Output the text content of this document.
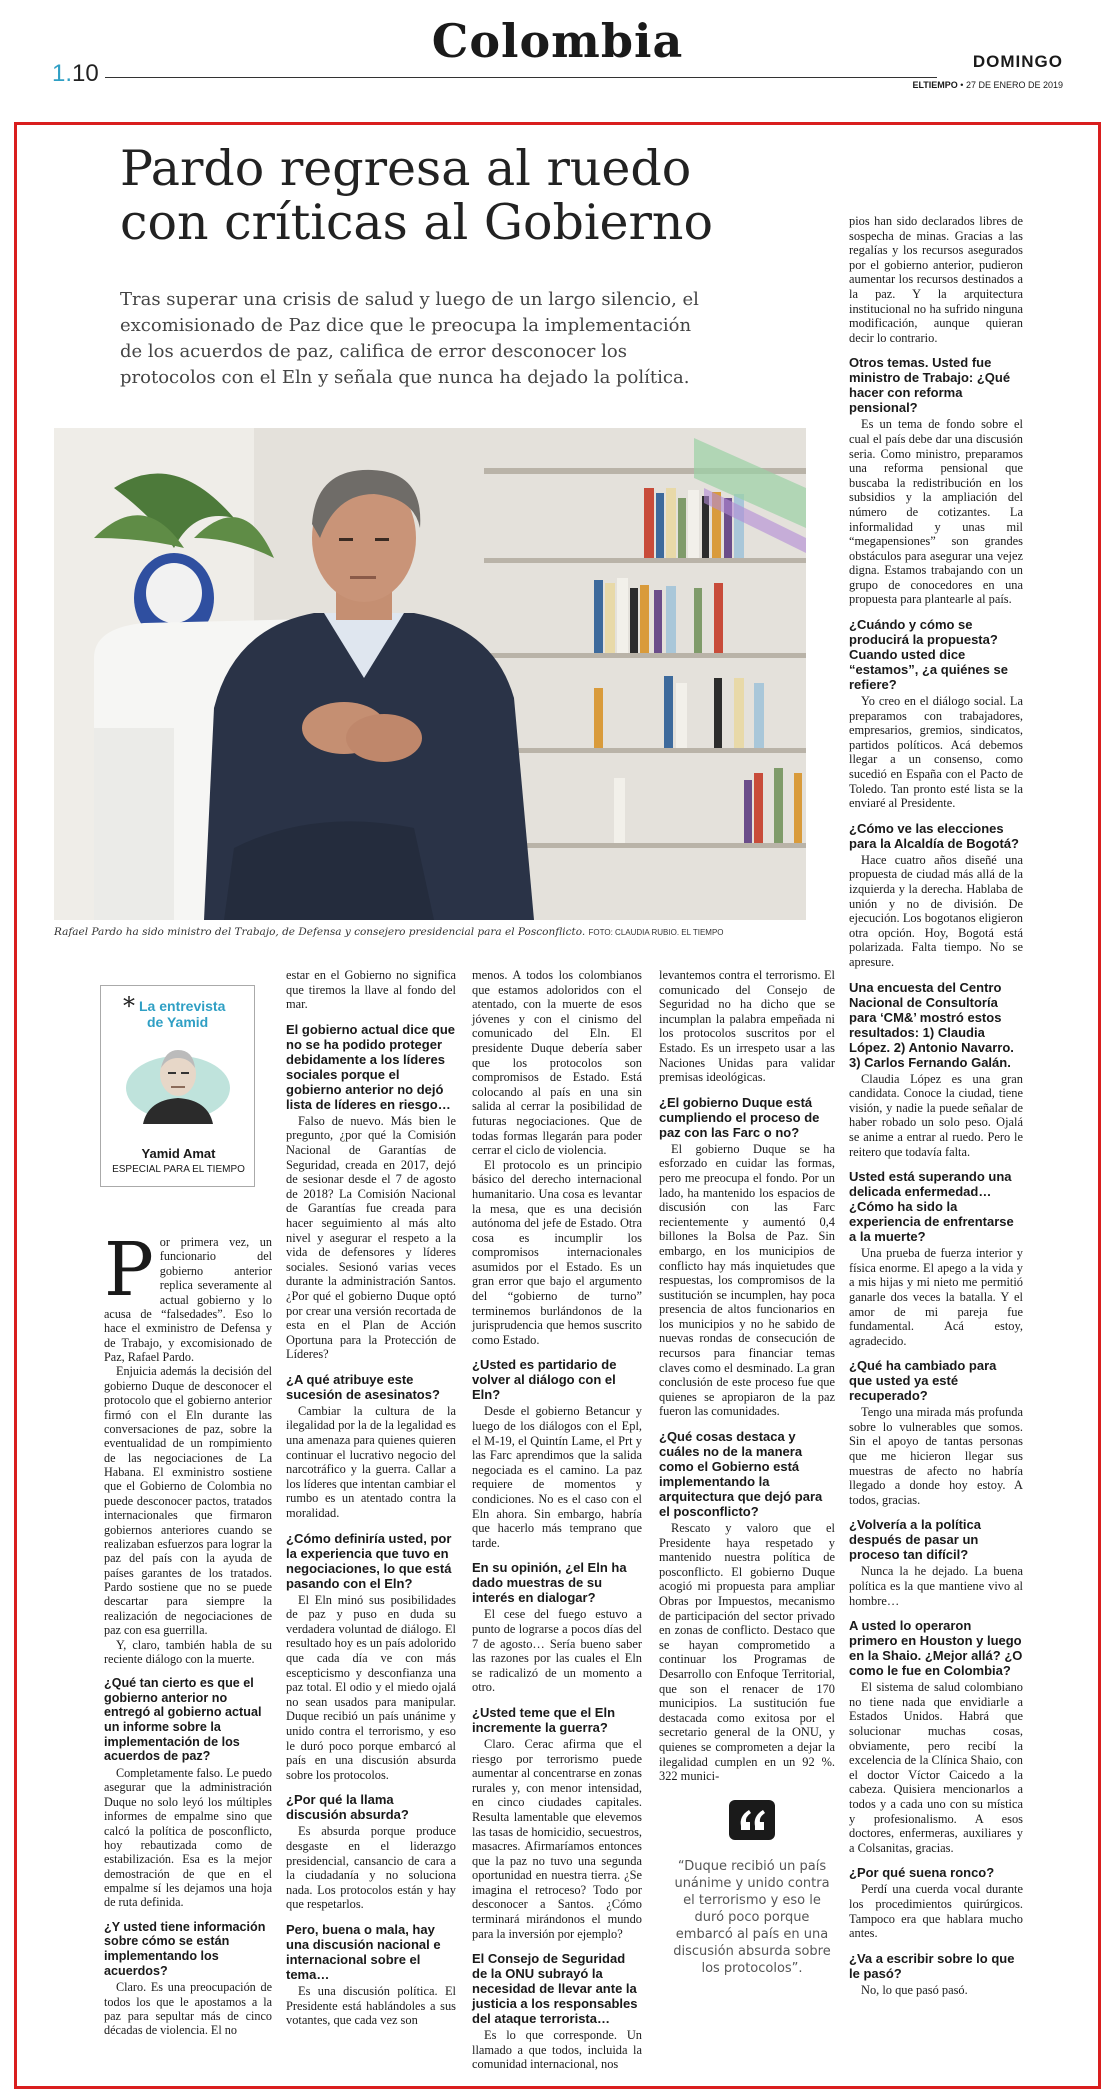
1.10
Colombia	DOMINGO
ELTIEMPO • 27 DE ENERO DE 2019
Pardo regresa al ruedo con críticas al Gobierno
Tras superar una crisis de salud y luego de un largo silencio, el excomisionado de Paz dice que le preocupa la implementación de los acuerdos de paz, califica de error desconocer los protocolos con el Eln y señala que nunca ha dejado la política.
Rafael Pardo ha sido ministro del Trabajo, de Defensa y consejero presidencial para el Posconflicto. FOTO: CLAUDIA RUBIO. EL TIEMPO
* La entrevista
de Yamid
Yamid Amat
ESPECIAL PARA EL TIEMPO

Por primera vez, un funcionario del gobierno anterior replica severamente al actual gobierno y lo acusa de “falsedades”. Eso lo hace el exministro de Defensa y de Trabajo, y excomisionado de Paz, Rafael Pardo.

Enjuicia además la decisión del gobierno Duque de desconocer el protocolo que el gobierno anterior firmó con el Eln durante las conversaciones de paz, sobre la eventualidad de un rompimiento de las negociaciones de La Habana. El exministro sostiene que el Gobierno de Colombia no puede desconocer pactos, tratados internacionales que firmaron gobiernos anteriores cuando se realizaban esfuerzos para lograr la paz del país con la ayuda de países garantes de los tratados. Pardo sostiene que no se puede descartar para siempre la realización de negociaciones de paz con esa guerrilla.

Y, claro, también habla de su reciente diálogo con la muerte.

¿Qué tan cierto es que el gobierno anterior no entregó al gobierno actual un informe sobre la implementación de los acuerdos de paz?

Completamente falso. Le puedo asegurar que la administración Duque no solo leyó los múltiples informes de empalme sino que calcó la política de posconflicto, hoy rebautizada como de estabilización. Esa es la mejor demostración de que en el empalme sí les dejamos una hoja de ruta definida.

¿Y usted tiene información sobre cómo se están implementando los acuerdos?

Claro. Es una preocupación de todos los que le apostamos a la paz para sepultar más de cinco décadas de violencia. El no

estar en el Gobierno no significa que tiremos la llave al fondo del mar.

El gobierno actual dice que no se ha podido proteger debidamente a los líderes sociales porque el gobierno anterior no dejó lista de líderes en riesgo…

Falso de nuevo. Más bien le pregunto, ¿por qué la Comisión Nacional de Garantías de Seguridad, creada en 2017, dejó de sesionar desde el 7 de agosto de 2018? La Comisión Nacional de Garantías fue creada para hacer seguimiento al más alto nivel y asegurar el respeto a la vida de defensores y líderes sociales. Sesionó varias veces durante la administración Santos. ¿Por qué el gobierno Duque optó por crear una versión recortada de esta en el Plan de Acción Oportuna para la Protección de Líderes?

¿A qué atribuye este sucesión de asesinatos?

Cambiar la cultura de la ilegalidad por la de la legalidad es una amenaza para quienes quieren continuar el lucrativo negocio del narcotráfico y la guerra. Callar a los líderes que intentan cambiar el rumbo es un atentado contra la moralidad.

¿Cómo definiría usted, por la experiencia que tuvo en negociaciones, lo que está pasando con el Eln?

El Eln minó sus posibilidades de paz y puso en duda su verdadera voluntad de diálogo. El resultado hoy es un país adolorido que cada día ve con más escepticismo y desconfianza una paz total. El odio y el miedo ojalá no sean usados para manipular. Duque recibió un país unánime y unido contra el terrorismo, y eso le duró poco porque embarcó al país en una discusión absurda sobre los protocolos.

¿Por qué la llama discusión absurda?

Es absurda porque produce desgaste en el liderazgo presidencial, cansancio de cara a la ciudadanía y no soluciona nada. Los protocolos están y hay que respetarlos.

Pero, buena o mala, hay una discusión nacional e internacional sobre el tema…

Es una discusión política. El Presidente está hablándoles a sus votantes, que cada vez son

menos. A todos los colombianos que estamos adoloridos con el atentado, con la muerte de esos jóvenes y con el cinismo del comunicado del Eln. El presidente Duque debería saber que los protocolos son compromisos de Estado. Está colocando al país en una sin salida al cerrar la posibilidad de futuras negociaciones. Que de todas formas llegarán para poder cerrar el ciclo de violencia.

El protocolo es un principio básico del derecho internacional humanitario. Una cosa es levantar la mesa, que es una decisión autónoma del jefe de Estado. Otra cosa es incumplir los compromisos internacionales asumidos por el Estado. Es un gran error que bajo el argumento del “gobierno de turno” terminemos burlándonos de la jurisprudencia que hemos suscrito como Estado.

¿Usted es partidario de volver al diálogo con el Eln?

Desde el gobierno Betancur y luego de los diálogos con el Epl, el M-19, el Quintín Lame, el Prt y las Farc aprendimos que la salida negociada es el camino. La paz requiere de momentos y condiciones. No es el caso con el Eln ahora. Sin embargo, habría que hacerlo más temprano que tarde.

En su opinión, ¿el Eln ha dado muestras de su interés en dialogar?

El cese del fuego estuvo a punto de lograrse a pocos días del 7 de agosto… Sería bueno saber las razones por las cuales el Eln se radicalizó de un momento a otro.

¿Usted teme que el Eln incremente la guerra?

Claro. Cerac afirma que el riesgo por terrorismo puede aumentar al concentrarse en zonas rurales y, con menor intensidad, en cinco ciudades capitales. Resulta lamentable que elevemos las tasas de homicidio, secuestros, masacres. Afirmaríamos entonces que la paz no tuvo una segunda oportunidad en nuestra tierra. ¿Se imagina el retroceso? Todo por desconocer a Santos. ¿Cómo terminará mirándonos el mundo para la inversión por ejemplo?

El Consejo de Seguridad de la ONU subrayó la necesidad de llevar ante la justicia a los responsables del ataque terrorista…

Es lo que corresponde. Un llamado a que todos, incluida la comunidad internacional, nos

levantemos contra el terrorismo. El comunicado del Consejo de Seguridad no ha dicho que se incumplan la palabra empeñada ni los protocolos suscritos por el Estado. Es un irrespeto usar a las Naciones Unidas para validar premisas ideológicas.

¿El gobierno Duque está cumpliendo el proceso de paz con las Farc o no?

El gobierno Duque se ha esforzado en cuidar las formas, pero me preocupa el fondo. Por un lado, ha mantenido los espacios de discusión con las Farc recientemente y aumentó 0,4 billones la Bolsa de Paz. Sin embargo, en los municipios de conflicto hay más inquietudes que respuestas, los compromisos de la sustitución se incumplen, hay poca presencia de altos funcionarios en los municipios y no he sabido de nuevas rondas de consecución de recursos para financiar temas claves como el desminado. La gran conclusión de este proceso fue que quienes se apropiaron de la paz fueron las comunidades.

¿Qué cosas destaca y cuáles no de la manera como el Gobierno está implementando la arquitectura que dejó para el posconflicto?

Rescato y valoro que el Presidente haya respetado y mantenido nuestra política de posconflicto. El gobierno Duque acogió mi propuesta para ampliar Obras por Impuestos, mecanismo de participación del sector privado en zonas de conflicto. Destaco que se hayan comprometido a continuar los Programas de Desarrollo con Enfoque Territorial, que son el renacer de 170 municipios. La sustitución fue destacada como exitosa por el secretario general de la ONU, y quienes se comprometen a dejar la ilegalidad cumplen en un 92 %. 322 munici-

“Duque recibió un país unánime y unido contra el terrorismo y eso le duró poco porque embarcó al país en una discusión absurda sobre los protocolos”.

pios han sido declarados libres de sospecha de minas. Gracias a las regalías y los recursos asegurados por el gobierno anterior, pudieron aumentar los recursos destinados a la paz. Y la arquitectura institucional no ha sufrido ninguna modificación, aunque quieran decir lo contrario.

Otros temas. Usted fue ministro de Trabajo: ¿Qué hacer con reforma pensional?

Es un tema de fondo sobre el cual el país debe dar una discusión seria. Como ministro, preparamos una reforma pensional que buscaba la redistribución en los subsidios y la ampliación del número de cotizantes. La informalidad y unas mil “megapensiones” son grandes obstáculos para asegurar una vejez digna. Estamos trabajando con un grupo de conocedores en una propuesta para plantearle al país.

¿Cuándo y cómo se producirá la propuesta? Cuando usted dice “estamos”, ¿a quiénes se refiere?

Yo creo en el diálogo social. La preparamos con trabajadores, empresarios, gremios, sindicatos, partidos políticos. Acá debemos llegar a un consenso, como sucedió en España con el Pacto de Toledo. Tan pronto esté lista se la enviaré al Presidente.

¿Cómo ve las elecciones para la Alcaldía de Bogotá?

Hace cuatro años diseñé una propuesta de ciudad más allá de la izquierda y la derecha. Hablaba de unión y no de división. De ejecución. Los bogotanos eligieron otra opción. Hoy, Bogotá está polarizada. Falta tiempo. No se apresure.

Una encuesta del Centro Nacional de Consultoría para ‘CM&’ mostró estos resultados: 1) Claudia López. 2) Antonio Navarro. 3) Carlos Fernando Galán.

Claudia López es una gran candidata. Conoce la ciudad, tiene visión, y nadie la puede señalar de haber robado un solo peso. Ojalá se anime a entrar al ruedo. Pero le reitero que todavía falta.

Usted está superando una delicada enfermedad… ¿Cómo ha sido la experiencia de enfrentarse a la muerte?

Una prueba de fuerza interior y física enorme. El apego a la vida y a mis hijas y mi nieto me permitió ganarle dos veces la batalla. Y el amor de mi pareja fue fundamental. Acá estoy, agradecido.

¿Qué ha cambiado para que usted ya esté recuperado?

Tengo una mirada más profunda sobre lo vulnerables que somos. Sin el apoyo de tantas personas que me hicieron llegar sus muestras de afecto no habría llegado a donde hoy estoy. A todos, gracias.

¿Volvería a la política después de pasar un proceso tan difícil?

Nunca la he dejado. La buena política es la que mantiene vivo al hombre…

A usted lo operaron primero en Houston y luego en la Shaio. ¿Mejor allá? ¿O como le fue en Colombia?

El sistema de salud colombiano no tiene nada que envidiarle a Estados Unidos. Habrá que solucionar muchas cosas, obviamente, pero recibí la excelencia de la Clínica Shaio, con el doctor Víctor Caicedo a la cabeza. Quisiera mencionarlos a todos y a cada uno con su mística y profesionalismo. A esos doctores, enfermeras, auxiliares y a Colsanitas, gracias.

¿Por qué suena ronco?

Perdí una cuerda vocal durante los procedimientos quirúrgicos. Tampoco era que hablara mucho antes.

¿Va a escribir sobre lo que le pasó?

No, lo que pasó pasó.
